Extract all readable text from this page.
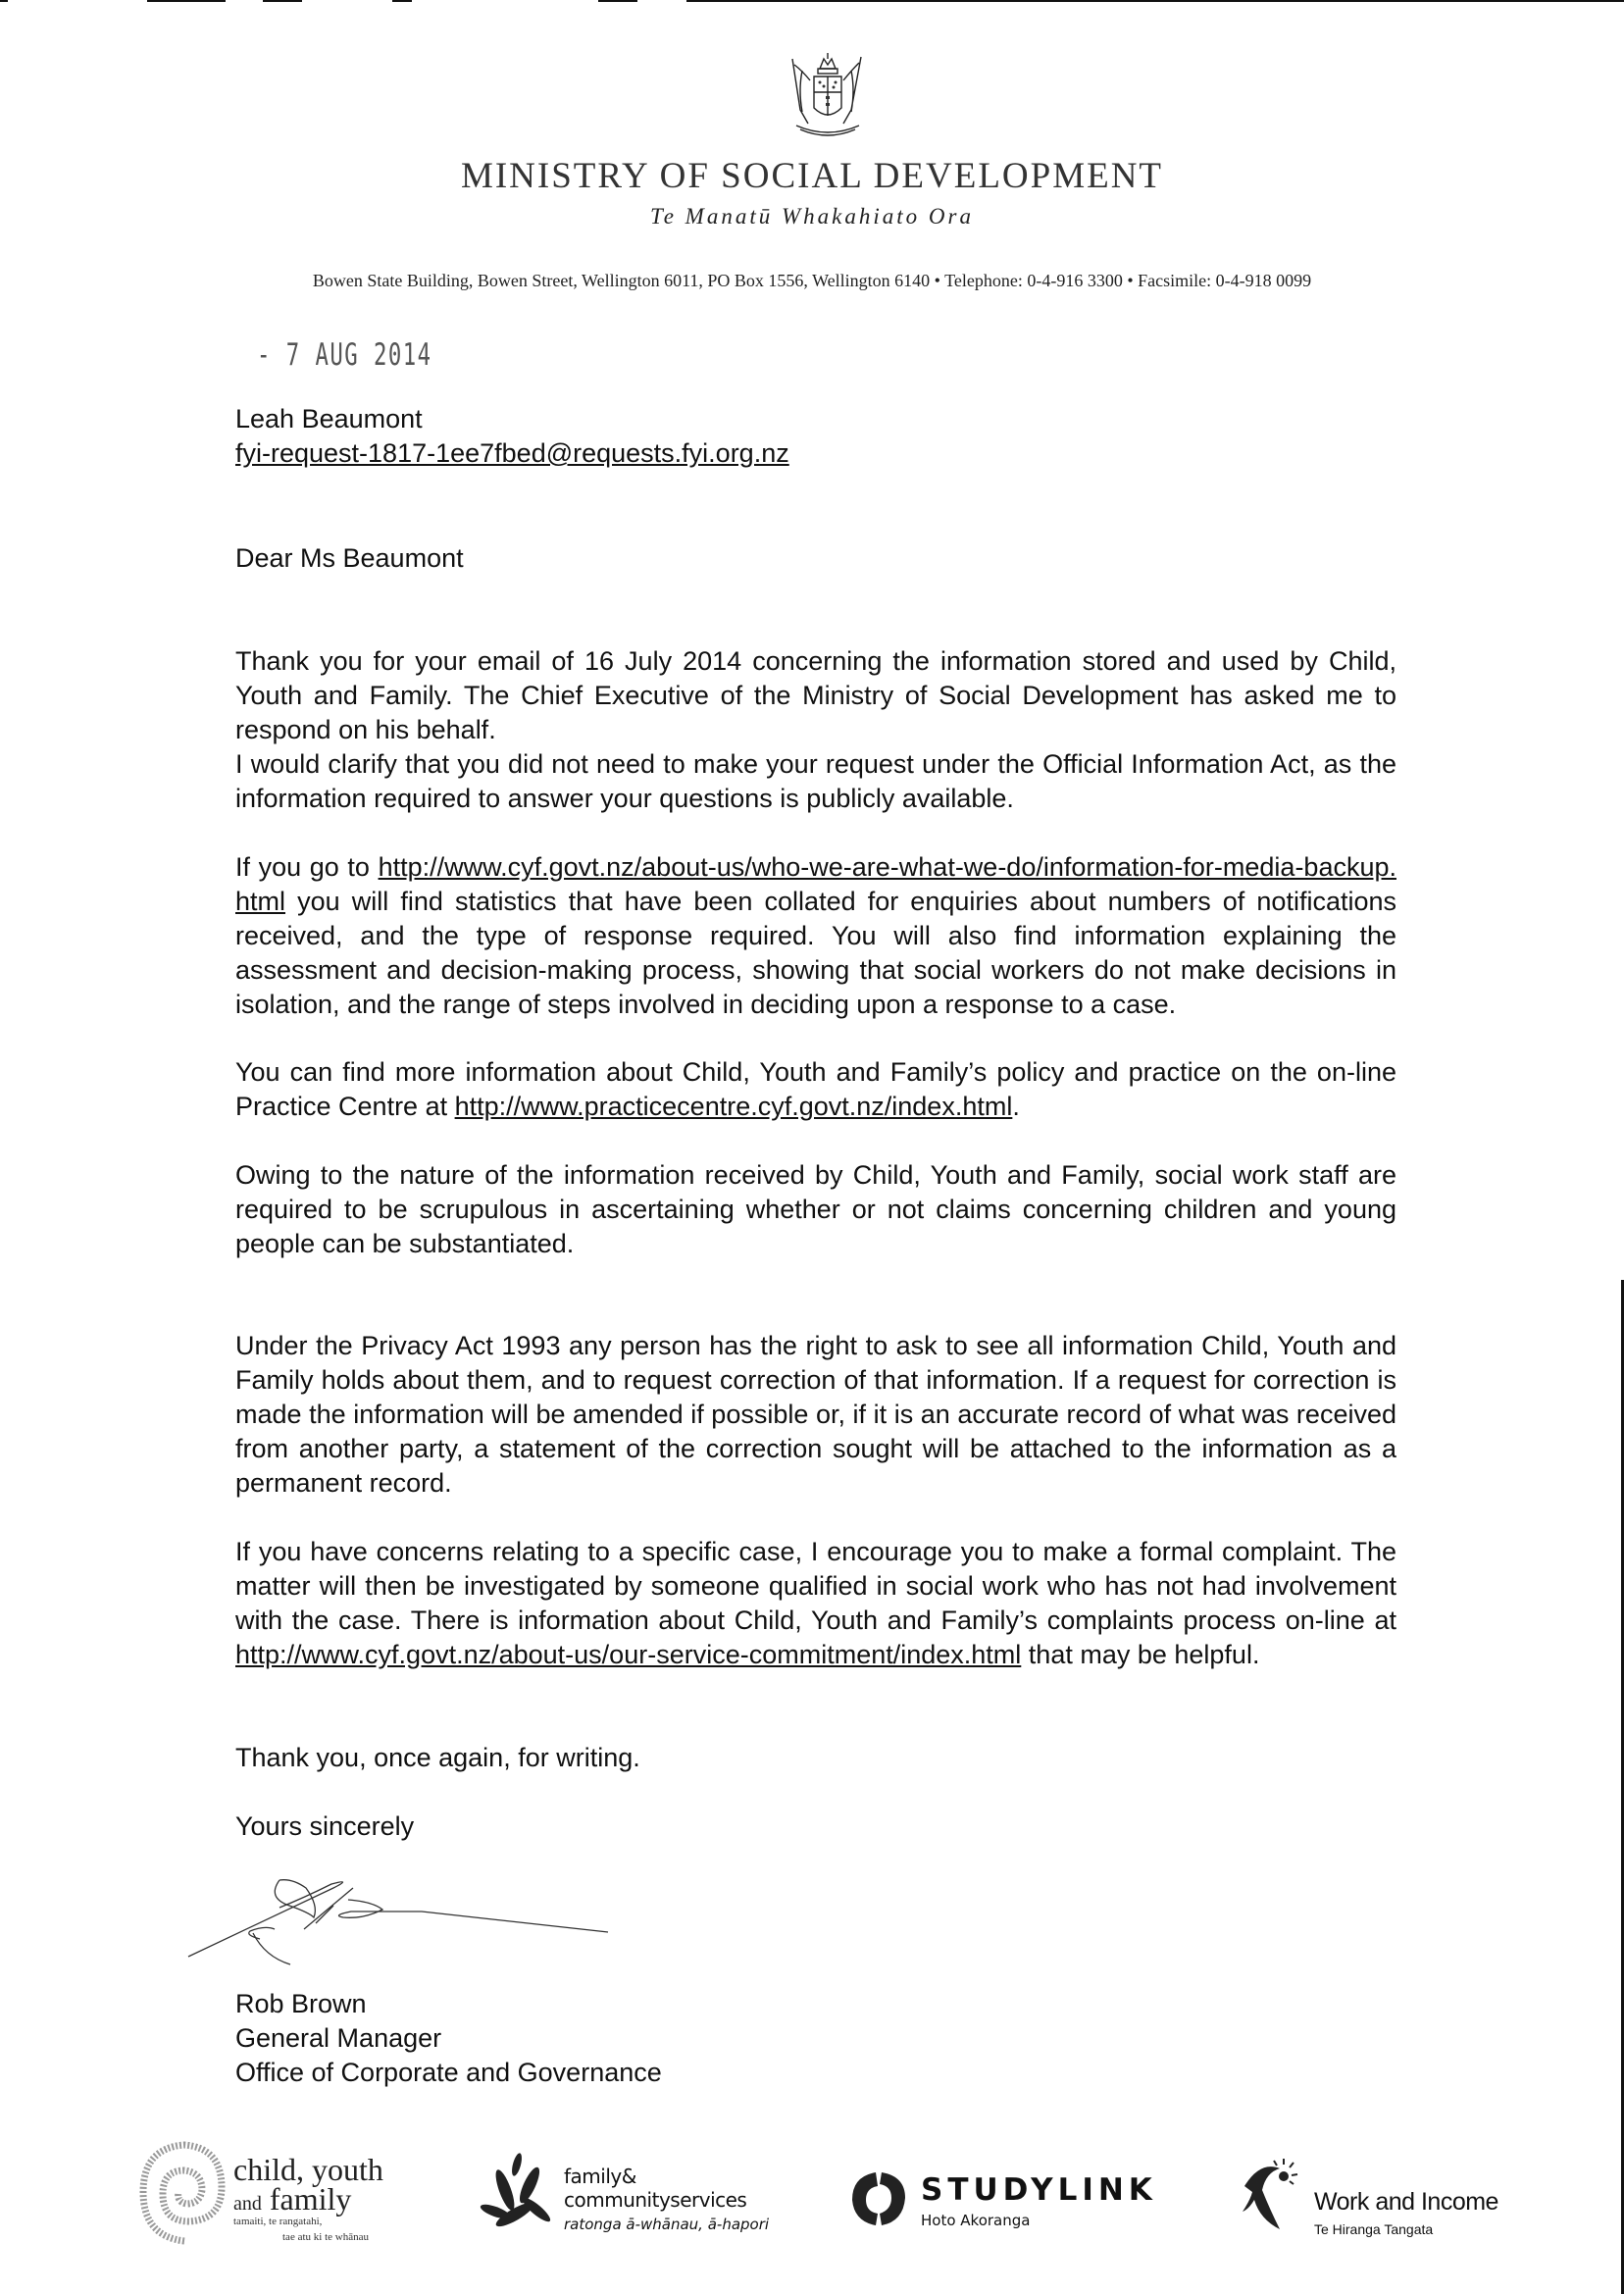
MINISTRY OF SOCIAL DEVELOPMENT
Te Manatū Whakahiato Ora
Bowen State Building, Bowen Street, Wellington 6011, PO Box 1556, Wellington 6140 • Telephone: 0-4-916 3300 • Facsimile: 0-4-918 0099
- 7 AUG 2014
Leah Beaumont
fyi-request-1817-1ee7fbed@requests.fyi.org.nz
Dear Ms Beaumont

Thank you for your email of 16 July 2014 concerning the information stored and used by Child, Youth and Family. The Chief Executive of the Ministry of Social Development has asked me to respond on his behalf.

I would clarify that you did not need to make your request under the Official Information Act, as the information required to answer your questions is publicly available.

If you go to http://www.cyf.govt.nz/about-us/who-we-are-what-we-do/information-for-media-backup.html you will find statistics that have been collated for enquiries about numbers of notifications received, and the type of response required. You will also find information explaining the assessment and decision-making process, showing that social workers do not make decisions in isolation, and the range of steps involved in deciding upon a response to a case.

You can find more information about Child, Youth and Family’s policy and practice on the on-line Practice Centre at http://www.practicecentre.cyf.govt.nz/index.html.

Owing to the nature of the information received by Child, Youth and Family, social work staff are required to be scrupulous in ascertaining whether or not claims concerning children and young people can be substantiated.

Under the Privacy Act 1993 any person has the right to ask to see all information Child, Youth and Family holds about them, and to request correction of that information. If a request for correction is made the information will be amended if possible or, if it is an accurate record of what was received from another party, a statement of the correction sought will be attached to the information as a permanent record.

If you have concerns relating to a specific case, I encourage you to make a formal complaint. The matter will then be investigated by someone qualified in social work who has not had involvement with the case. There is information about Child, Youth and Family’s complaints process on-line at http://www.cyf.govt.nz/about-us/our-service-commitment/index.html that may be helpful.

Thank you, once again, for writing.
Yours sincerely
Rob Brown
General Manager
Office of Corporate and Governance
child, youth
and family
tamaiti, te rangatahi,
tae atu ki te whānau
family&
communityservices
ratonga ā-whānau, ā-hapori
STUDYLINK
Hoto Akoranga
Work and Income
Te Hiranga Tangata
